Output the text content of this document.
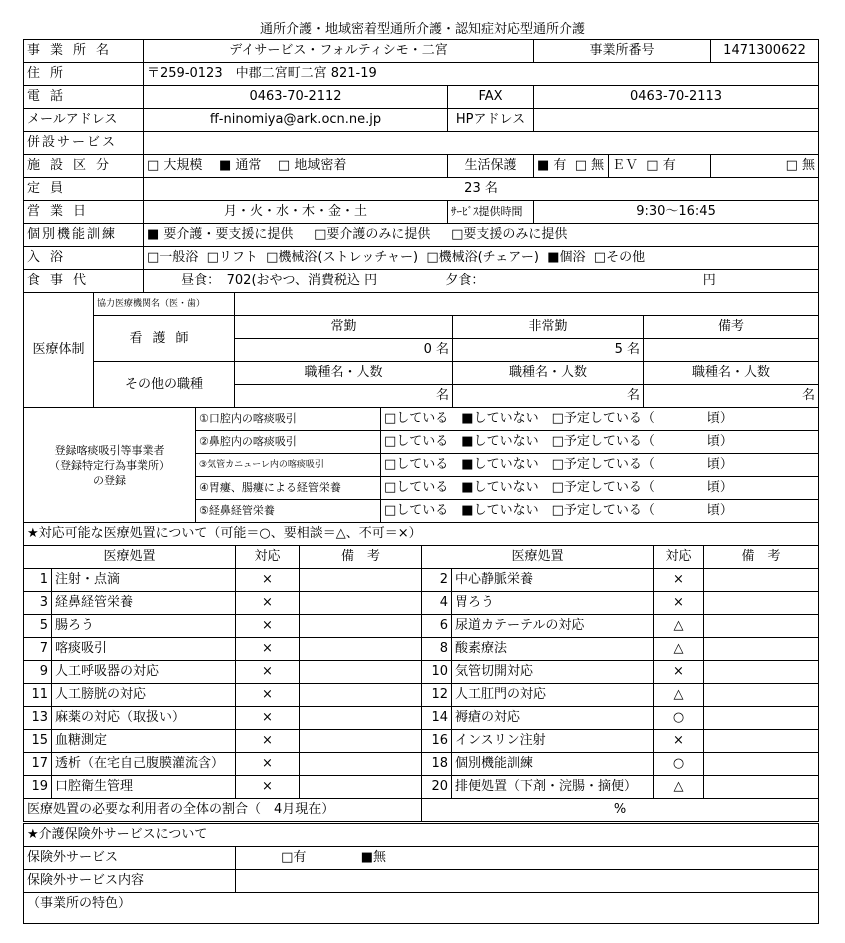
通所介護・地域密着型通所介護・認知症対応型通所介護
事業所名	デイサービス・フォルティシモ・二宮		事業所番号		1471300622
住所	〒259-0123　中郡二宮町二宮 821-19				
電話	0463-70-2112	FAX	0463-70-2113		
メールアドレス	ff-ninomiya@ark.ocn.ne.jp	HPアドレス			
併設サービス					
施設区分	□ 大規模 ■ 通常 □ 地域密着	生活保護	■ 有 □ 無	ＥＶ □ 有	□ 無
定員	23 名				
営業日	月・火・水・木・金・土	ｻｰﾋﾞｽ提供時間	9:30～16:45		
個別機能訓練	■ 要介護・要支援に提供 □要介護のみに提供 □要支援のみに提供				
入浴	□一般浴 □リフト □機械浴(ストレッチャー) □機械浴(チェアー) ■個浴 □その他				
食事代	昼食：　702(おやつ、消費税込 円 夕食： 円				
医療体制	協力医療機関名（医・歯）			
	看護師	常勤	非常勤	備考
		0 名	5 名	
	その他の職種	職種名・人数	職種名・人数	職種名・人数
		名	名	名
登録喀痰吸引等事業者
（登録特定行為事業所）
の登録	①口腔内の喀痰吸引	□している　■していない　□予定している（　　　　頃）
	②鼻腔内の喀痰吸引	□している　■していない　□予定している（　　　　頃）
	③気管カニューレ内の喀痰吸引	□している　■していない　□予定している（　　　　頃）
	④胃瘻、腸瘻による経管栄養	□している　■していない　□予定している（　　　　頃）
	⑤経鼻経管栄養	□している　■していない　□予定している（　　　　頃）
★対応可能な医療処置について（可能＝○、要相談＝△、不可＝×）							
医療処置		対応	備　考	医療処置		対応	備　考
1	注射・点滴	×		2	中心静脈栄養	×	
3	経鼻経管栄養	×		4	胃ろう	×	
5	腸ろう	×		6	尿道カテーテルの対応	△	
7	喀痰吸引	×		8	酸素療法	△	
9	人工呼吸器の対応	×		10	気管切開対応	×	
11	人工膀胱の対応	×		12	人工肛門の対応	△	
13	麻薬の対応（取扱い）	×		14	褥瘡の対応	○	
15	血糖測定	×		16	インスリン注射	×	
17	透析（在宅自己腹膜灌流含）	×		18	個別機能訓練	○	
19	口腔衛生管理	×		20	排便処置（下剤・浣腸・摘便）	△	
医療処置の必要な利用者の全体の割合（　4月現在）				%			
★介護保険外サービスについて	
保険外サービス	□有 ■無
保険外サービス内容	
（事業所の特色）	
